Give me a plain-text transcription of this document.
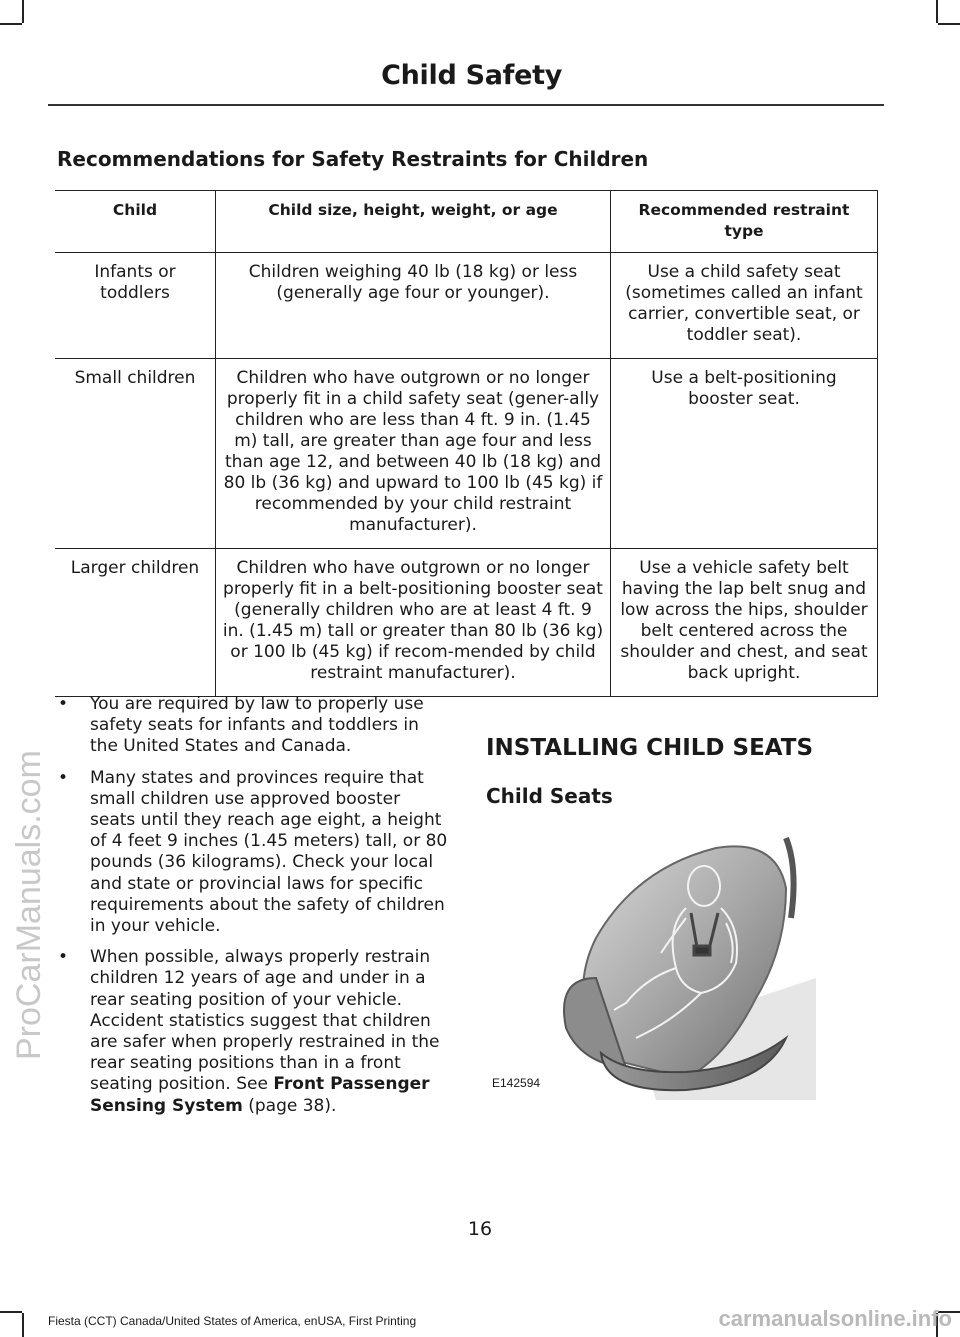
Child Safety
Recommendations for Safety Restraints for Children
Child	Child size, height, weight, or age	Recommended restraint type
Infants or toddlers	Children weighing 40 lb (18 kg) or less (generally age four or younger).	Use a child safety seat (sometimes called an infant carrier, convertible seat, or toddler seat).
Small children	Children who have outgrown or no longer properly fit in a child safety seat (gener-ally children who are less than 4 ft. 9 in. (1.45 m) tall, are greater than age four and less than age 12, and between 40 lb (18 kg) and 80 lb (36 kg) and upward to 100 lb (45 kg) if recommended by your child restraint manufacturer).	Use a belt-positioning booster seat.
Larger children	Children who have outgrown or no longer properly fit in a belt-positioning booster seat (generally children who are at least 4 ft. 9 in. (1.45 m) tall or greater than 80 lb (36 kg) or 100 lb (45 kg) if recom-mended by child restraint manufacturer).	Use a vehicle safety belt having the lap belt snug and low across the hips, shoulder belt centered across the shoulder and chest, and seat back upright.
• You are required by law to properly use safety seats for infants and toddlers in the United States and Canada.
• Many states and provinces require that small children use approved booster seats until they reach age eight, a height of 4 feet 9 inches (1.45 meters) tall, or 80 pounds (36 kilograms). Check your local and state or provincial laws for specific requirements about the safety of children in your vehicle.
• When possible, always properly restrain children 12 years of age and under in a rear seating position of your vehicle. Accident statistics suggest that children are safer when properly restrained in the rear seating positions than in a front seating position. See Front Passenger Sensing System (page 38).
INSTALLING CHILD SEATS
Child Seats
E142594
16
Fiesta (CCT) Canada/United States of America, enUSA, First Printing
ProCarManuals.com
carmanualsonline.info
